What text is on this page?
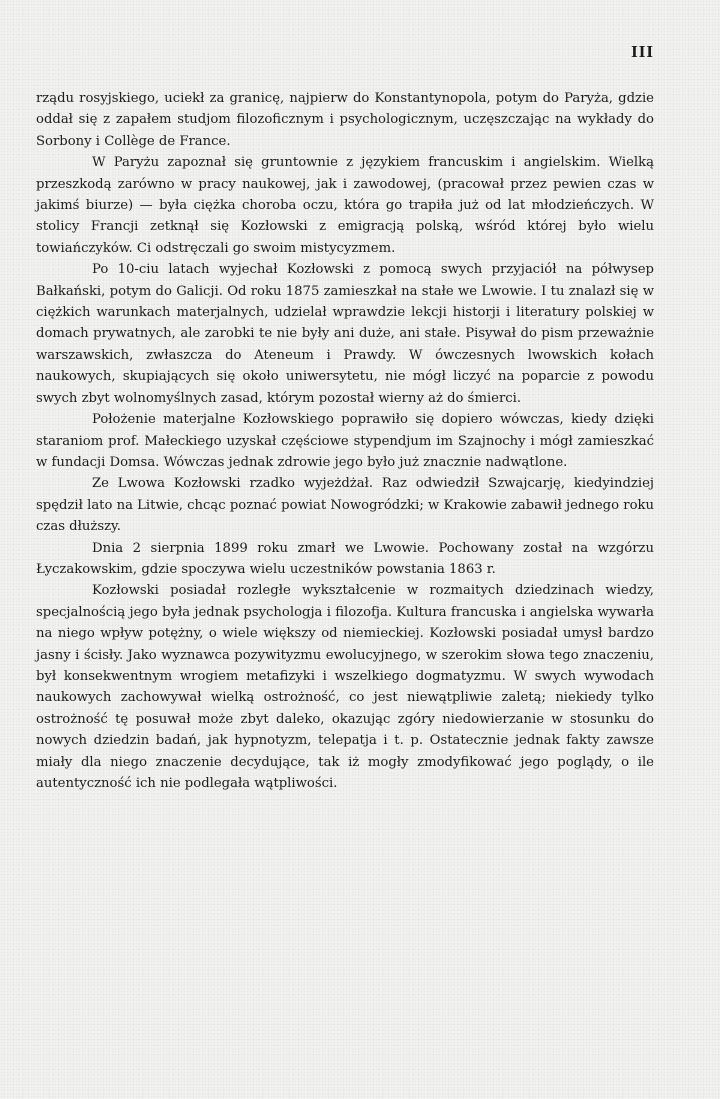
III

rządu rosyjskiego, uciekł za granicę, najpierw do Konstantynopola, potym do Paryża, gdzie oddał się z zapałem studjom filozoficznym i psychologicznym, uczęszczając na wykłady do Sorbony i Collège de France.

W Paryżu zapoznał się gruntownie z językiem francuskim i angielskim. Wielką przeszkodą zarówno w pracy naukowej, jak i zawodowej, (pracował przez pewien czas w jakimś biurze) — była ciężka choroba oczu, która go trapiła już od lat młodzieńczych. W stolicy Francji zetknął się Kozłowski z emigracją polską, wśród której było wielu towiańczyków. Ci odstręczali go swoim mistycyzmem.

Po 10-ciu latach wyjechał Kozłowski z pomocą swych przyjaciół na półwysep Bałkański, potym do Galicji. Od roku 1875 zamieszkał na stałe we Lwowie. I tu znalazł się w ciężkich warunkach materjalnych, udzielał wprawdzie lekcji historji i literatury polskiej w domach prywatnych, ale zarobki te nie były ani duże, ani stałe. Pisywał do pism przeważnie warszawskich, zwłaszcza do Ateneum i Prawdy. W ówczesnych lwowskich kołach naukowych, skupiających się około uniwersytetu, nie mógł liczyć na poparcie z powodu swych zbyt wolnomyślnych zasad, którym pozostał wierny aż do śmierci.

Położenie materjalne Kozłowskiego poprawiło się dopiero wówczas, kiedy dzięki staraniom prof. Małeckiego uzyskał częściowe stypendjum im Szajnochy i mógł zamieszkać w fundacji Domsa. Wówczas jednak zdrowie jego było już znacznie nadwątlone.

Ze Lwowa Kozłowski rzadko wyjeżdżał. Raz odwiedził Szwajcarję, kiedyindziej spędził lato na Litwie, chcąc poznać powiat Nowogródzki; w Krakowie zabawił jednego roku czas dłuższy.

Dnia 2 sierpnia 1899 roku zmarł we Lwowie. Pochowany został na wzgórzu Łyczakowskim, gdzie spoczywa wielu uczestników powstania 1863 r.

Kozłowski posiadał rozległe wykształcenie w rozmaitych dziedzinach wiedzy, specjalnością jego była jednak psychologja i filozofja. Kultura francuska i angielska wywarła na niego wpływ potężny, o wiele większy od niemieckiej. Kozłowski posiadał umysł bardzo jasny i ścisły. Jako wyznawca pozywityzmu ewolucyjnego, w szerokim słowa tego znaczeniu, był konsekwentnym wrogiem metafizyki i wszelkiego dogmatyzmu. W swych wywodach naukowych zachowywał wielką ostrożność, co jest niewątpliwie zaletą; niekiedy tylko ostrożność tę posuwał może zbyt daleko, okazując zgóry niedowierzanie w stosunku do nowych dziedzin badań, jak hypnotyzm, telepatja i t. p. Ostatecznie jednak fakty zawsze miały dla niego znaczenie decydujące, tak iż mogły zmodyfikować jego poglądy, o ile autentyczność ich nie podlegała wątpliwości.
